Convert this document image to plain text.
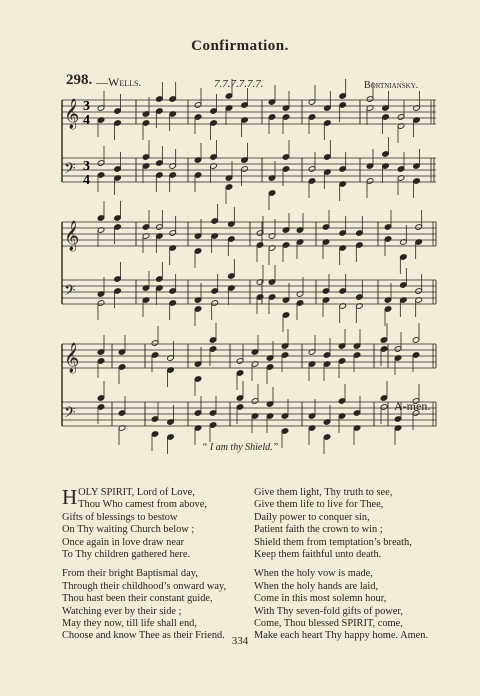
Confirmation.
298. —Wells.	7.7.7.7.7.7.	Bortniansky.
𝄞
𝄢
𝄞
𝄢
𝄞
𝄢
3
4
3
4
A-men.
“ I am thy Shield.”
H OLY SPIRIT, Lord of Love,
Thou Who camest from above,
Gifts of blessings to bestow
On Thy waiting Church below ;
Once again in love draw near
To Thy children gathered here.
From their bright Baptismal day,
Through their childhood’s onward way,
Thou hast been their constant guide,
Watching ever by their side ;
May they now, till life shall end,
Choose and know Thee as their Friend.
Give them light, Thy truth to see,
Give them life to live for Thee,
Daily power to conquer sin,
Patient faith the crown to win ;
Shield them from temptation’s breath,
Keep them faithful unto death.
When the holy vow is made,
When the holy hands are laid,
Come in this most solemn hour,
With Thy seven-fold gifts of power,
Come, Thou blessed SPIRIT, come,
Make each heart Thy happy home. Amen.
334
